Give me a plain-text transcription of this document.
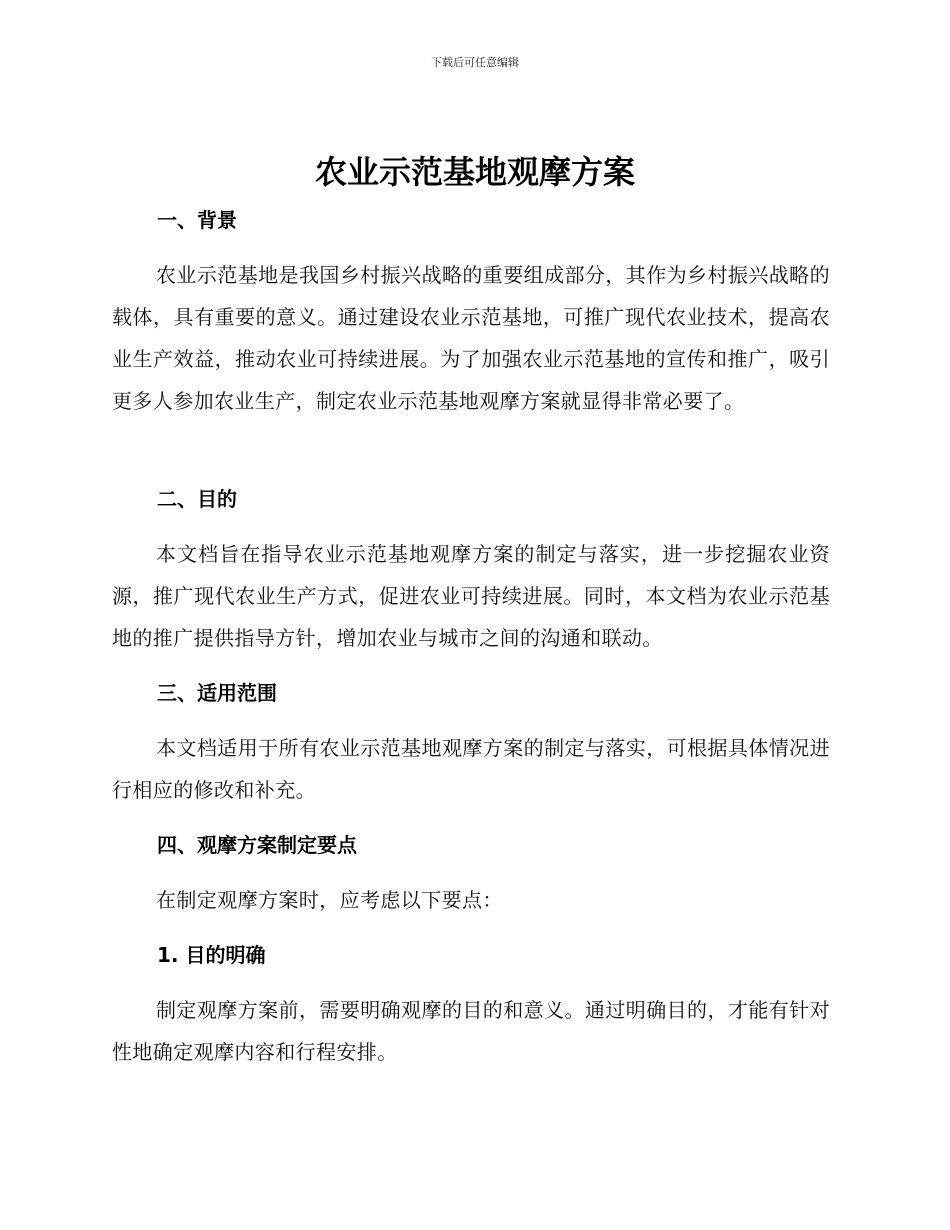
下载后可任意编辑
农业示范基地观摩方案
一、背景
农业示范基地是我国乡村振兴战略的重要组成部分，其作为乡村振兴战略的载体，具有重要的意义。通过建设农业示范基地，可推广现代农业技术，提高农业生产效益，推动农业可持续进展。为了加强农业示范基地的宣传和推广，吸引更多人参加农业生产，制定农业示范基地观摩方案就显得非常必要了。
二、目的
本文档旨在指导农业示范基地观摩方案的制定与落实，进一步挖掘农业资源，推广现代农业生产方式，促进农业可持续进展。同时，本文档为农业示范基地的推广提供指导方针，增加农业与城市之间的沟通和联动。
三、适用范围
本文档适用于所有农业示范基地观摩方案的制定与落实，可根据具体情况进行相应的修改和补充。
四、观摩方案制定要点
在制定观摩方案时，应考虑以下要点：
1. 目的明确
制定观摩方案前，需要明确观摩的目的和意义。通过明确目的，才能有针对性地确定观摩内容和行程安排。
